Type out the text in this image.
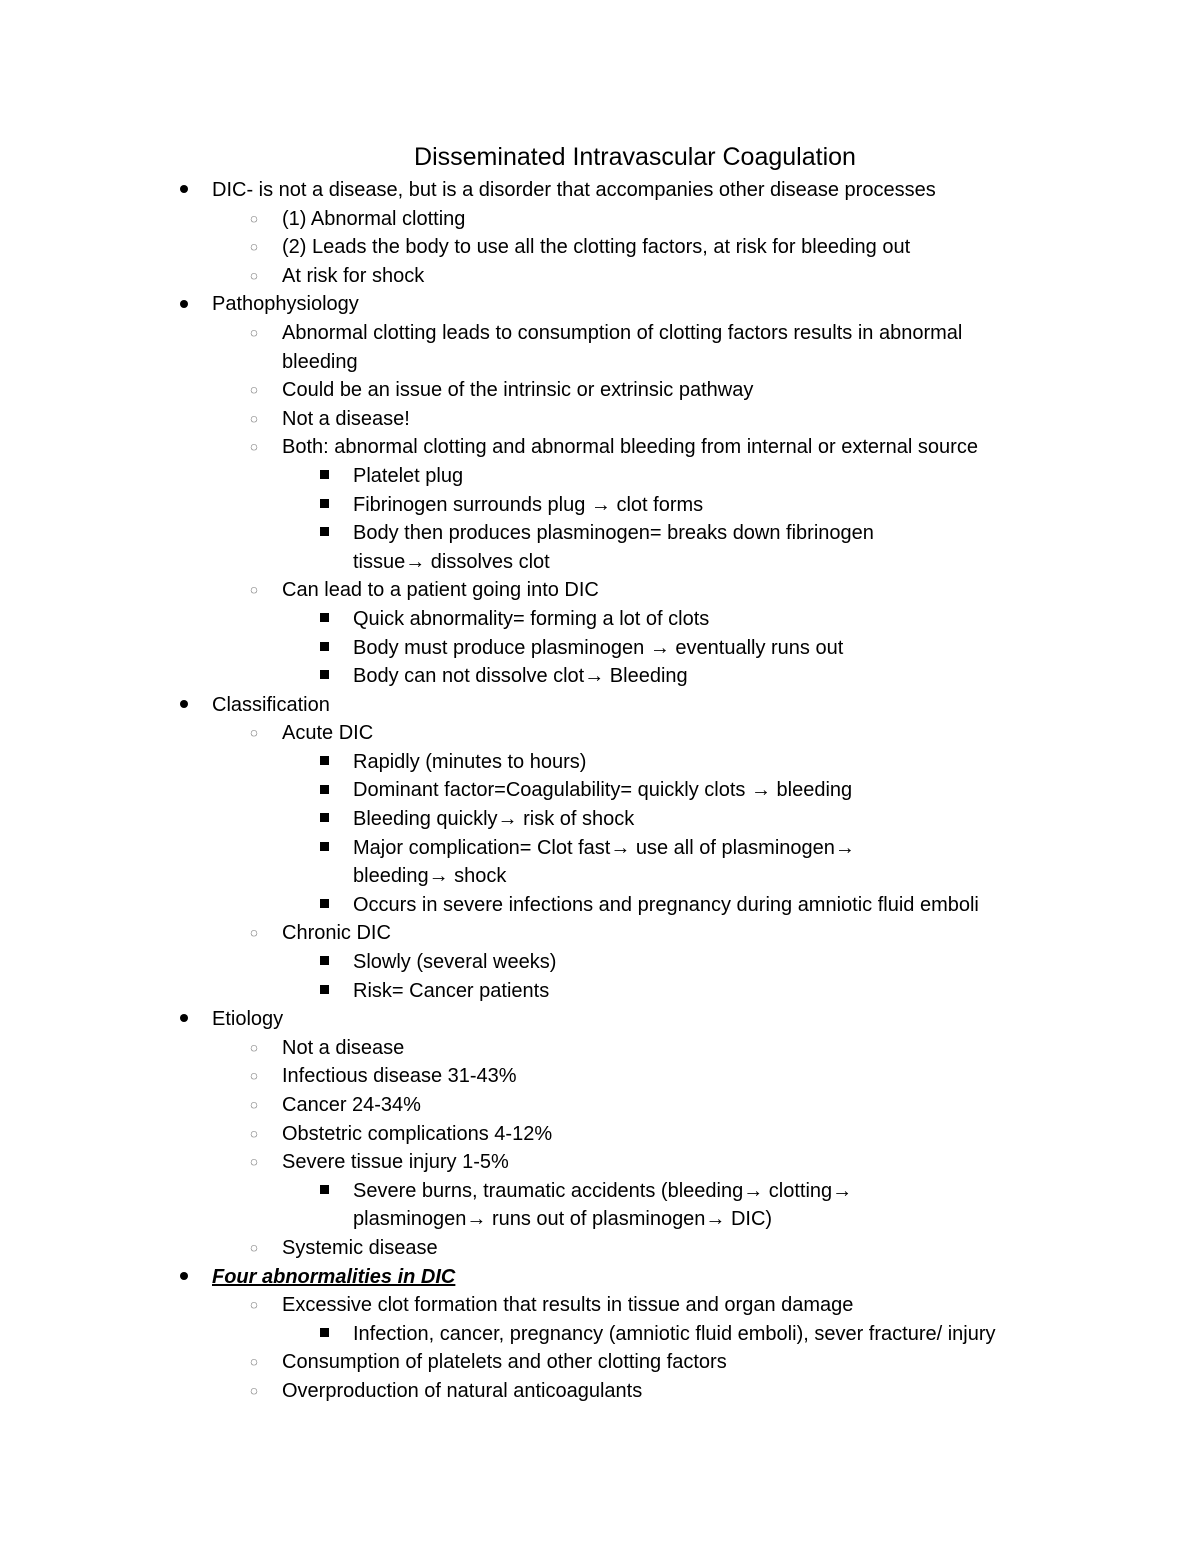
Disseminated Intravascular Coagulation
DIC- is not a disease, but is a disorder that accompanies other disease processes
◌	(1) Abnormal clotting
◌	(2) Leads the body to use all the clotting factors, at risk for bleeding out
◌	At risk for shock
Pathophysiology
◌	Abnormal clotting leads to consumption of clotting factors results in abnormal
bleeding
◌	Could be an issue of the intrinsic or extrinsic pathway
◌	Not a disease!
◌	Both: abnormal clotting and abnormal bleeding from internal or external source
Platelet plug
Fibrinogen surrounds plug → clot forms
Body then produces plasminogen= breaks down fibrinogen
tissue→ dissolves clot
◌	Can lead to a patient going into DIC
Quick abnormality= forming a lot of clots
Body must produce plasminogen → eventually runs out
Body can not dissolve clot→ Bleeding
Classification
◌	Acute DIC
Rapidly (minutes to hours)
Dominant factor=Coagulability= quickly clots → bleeding
Bleeding quickly→ risk of shock
Major complication= Clot fast→ use all of plasminogen→
bleeding→ shock
Occurs in severe infections and pregnancy during amniotic fluid emboli
◌	Chronic DIC
Slowly (several weeks)
Risk= Cancer patients
Etiology
◌	Not a disease
◌	Infectious disease 31-43%
◌	Cancer 24-34%
◌	Obstetric complications 4-12%
◌	Severe tissue injury 1-5%
Severe burns, traumatic accidents (bleeding→ clotting→
plasminogen→ runs out of plasminogen→ DIC)
◌	Systemic disease
Four abnormalities in DIC
◌	Excessive clot formation that results in tissue and organ damage
Infection, cancer, pregnancy (amniotic fluid emboli), sever fracture/ injury
◌	Consumption of platelets and other clotting factors
◌	Overproduction of natural anticoagulants
